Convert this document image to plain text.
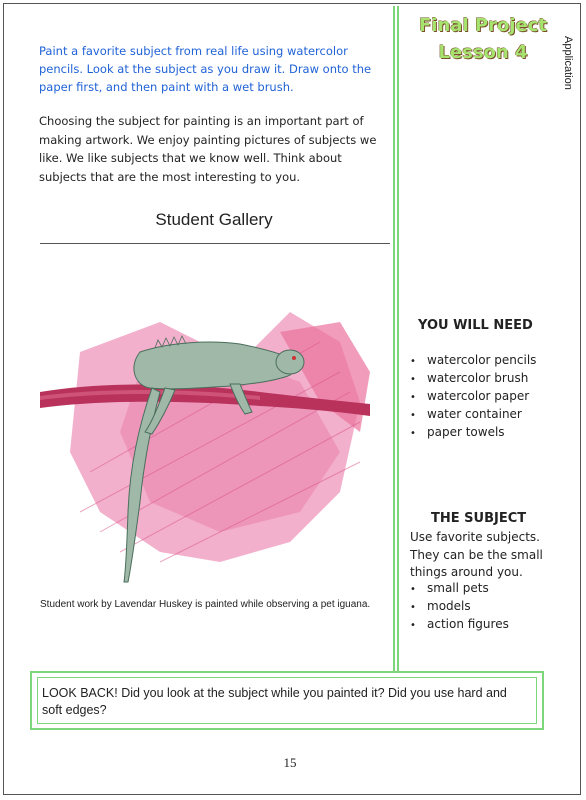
Paint a favorite subject from real life using watercolor pencils. Look at the subject as you draw it. Draw onto the paper first, and then paint with a wet brush.
Choosing the subject for painting is an important part of making artwork. We enjoy painting pictures of subjects we like. We like subjects that we know well. Think about subjects that are the most interesting to you.
Student Gallery
Student work by Lavendar Huskey is painted while observing a pet iguana.
Final Project
Lesson 4	Application
YOU WILL NEED
• watercolor pencils
• watercolor brush
• watercolor paper
• water container
• paper towels
THE SUBJECT
Use favorite subjects. They can be the small things around you.
• small pets
• models
• action figures
LOOK BACK! Did you look at the subject while you painted it? Did you use hard and soft edges?
15
